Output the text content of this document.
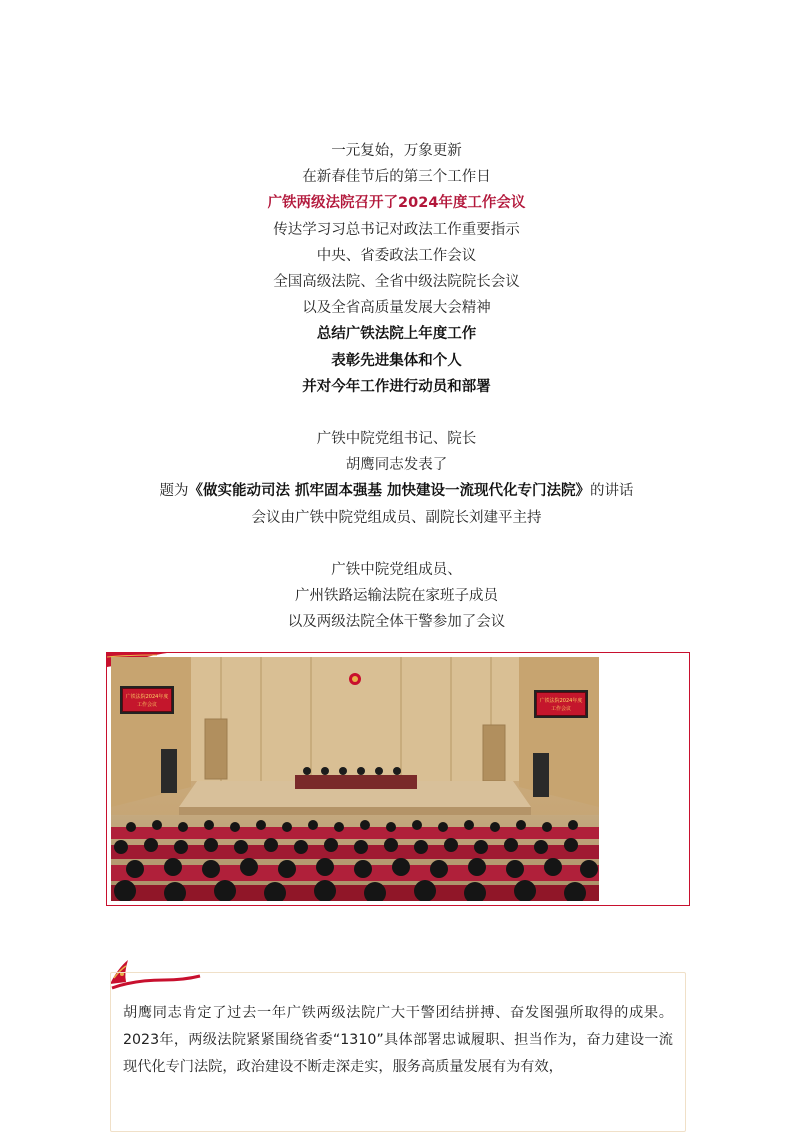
一元复始，万象更新
在新春佳节后的第三个工作日
广铁两级法院召开了2024年度工作会议
传达学习习总书记对政法工作重要指示
中央、省委政法工作会议
全国高级法院、全省中级法院院长会议
以及全省高质量发展大会精神
总结广铁法院上年度工作
表彰先进集体和个人
并对今年工作进行动员和部署
广铁中院党组书记、院长
胡鹰同志发表了
题为《做实能动司法 抓牢固本强基 加快建设一流现代化专门法院》的讲话
会议由广铁中院党组成员、副院长刘建平主持
广铁中院党组成员、
广州铁路运输法院在家班子成员
以及两级法院全体干警参加了会议
广铁法院2024年度
工作会议
广铁法院2024年度
工作会议

胡鹰同志肯定了过去一年广铁两级法院广大干警团结拼搏、奋发图强所取得的成果。2023年，两级法院紧紧围绕省委“1310”具体部署忠诚履职、担当作为，奋力建设一流现代化专门法院，政治建设不断走深走实，服务高质量发展有为有效，
